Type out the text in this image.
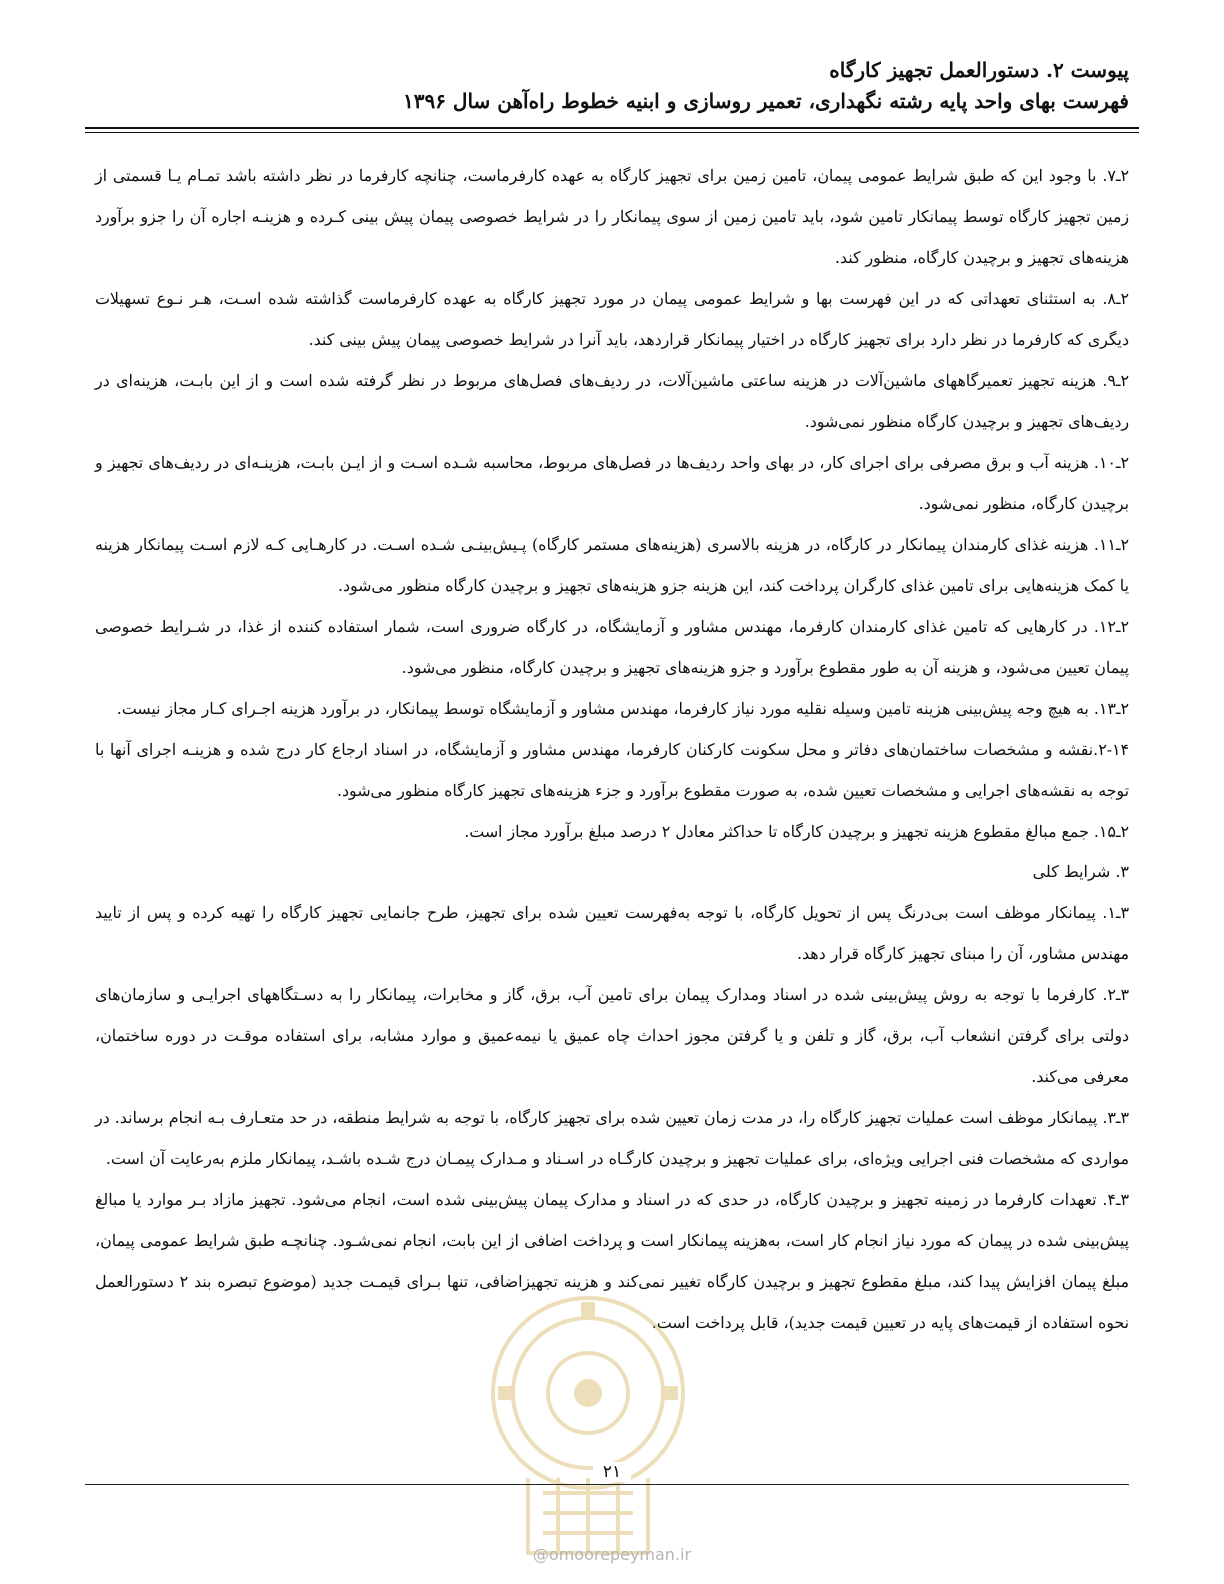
پیوست ۲. دستورالعمل تجهیز کارگاه
فهرست بهای واحد پایه رشته نگهداری، تعمیر روسازی و ابنیه خطوط راه‌آهن سال ۱۳۹۶

۲ـ۷. با وجود این که طبق شرایط عمومی پیمان، تامین زمین برای تجهیز کارگاه به عهده کارفرماست، چنانچه کارفرما در نظر داشته باشد تمـام یـا قسمتی از زمین تجهیز کارگاه توسط پیمانکار تامین شود، باید تامین زمین از سوی پیمانکار را در شرایط خصوصی پیمان پیش بینی کـرده و هزینـه اجاره آن را جزو برآورد هزینه‌های تجهیز و برچیدن کارگاه، منظور کند.

۲ـ۸. به استثنای تعهداتی که در این فهرست بها و شرایط عمومی پیمان در مورد تجهیز کارگاه به عهده کارفرماست گذاشته شده اسـت، هـر نـوع تسهیلات دیگری که کارفرما در نظر دارد برای تجهیز کارگاه در اختیار پیمانکار قراردهد، باید آنرا در شرایط خصوصی پیمان پیش بینی کند.

۲ـ۹. هزینه تجهیز تعمیرگاههای ماشین‌آلات در هزینه ساعتی ماشین‌آلات، در ردیف‌های فصل‌های مربوط در نظر گرفته شده است و از این بابـت، هزینه‌ای در ردیف‌های تجهیز و برچیدن کارگاه منظور نمی‌شود.

۲ـ۱۰. هزینه آب و برق مصرفی برای اجرای کار، در بهای واحد ردیف‌ها در فصل‌های مربوط، محاسبه شـده اسـت و از ایـن بابـت، هزینـه‌ای در ردیف‌های تجهیز و برچیدن کارگاه، منظور نمی‌شود.

۲ـ۱۱. هزینه غذای کارمندان پیمانکار در کارگاه، در هزینه بالاسری (هزینه‌های مستمر کارگاه) پـیش‌بینـی شـده اسـت. در کارهـایی کـه لازم اسـت پیمانکار هزینه یا کمک هزینه‌هایی برای تامین غذای کارگران پرداخت کند، این هزینه جزو هزینه‌های تجهیز و برچیدن کارگاه منظور می‌شود.

۲ـ۱۲. در کارهایی که تامین غذای کارمندان کارفرما، مهندس مشاور و آزمایشگاه، در کارگاه ضروری است، شمار استفاده کننده از غذا، در شـرایط خصوصی پیمان تعیین می‌شود، و هزینه آن به طور مقطوع برآورد و جزو هزینه‌های تجهیز و برچیدن کارگاه، منظور می‌شود.

۲ـ۱۳. به هیچ وجه پیش‌بینی هزینه تامین وسیله نقلیه مورد نیاز کارفرما، مهندس مشاور و آزمایشگاه توسط پیمانکار، در برآورد هزینه اجـرای کـار مجاز نیست.

۲-۱۴.نقشه و مشخصات ساختمان‌های دفاتر و محل سکونت کارکنان کارفرما، مهندس مشاور و آزمایشگاه، در اسناد ارجاع کار درج شده و هزینـه اجرای آنها با توجه به نقشه‌های اجرایی و مشخصات تعیین شده، به صورت مقطوع برآورد و جزء هزینه‌های تجهیز کارگاه منظور می‌شود.

۲ـ۱۵. جمع مبالغ مقطوع هزینه تجهیز و برچیدن کارگاه تا حداکثر معادل ۲ درصد مبلغ برآورد مجاز است.

۳. شرایط کلی

۳ـ۱. پیمانکار موظف است بی‌درنگ پس از تحویل کارگاه، با توجه به‌فهرست تعیین شده برای تجهیز، طرح جانمایی تجهیز کارگاه را تهیه کرده و پس از تایید مهندس مشاور، آن را مبنای تجهیز کارگاه قرار دهد.

۳ـ۲. کارفرما با توجه به روش پیش‌بینی شده در اسناد ومدارک پیمان برای تامین آب، برق، گاز و مخابرات، پیمانکار را به دسـتگاههای اجرایـی و سازمان‌های دولتی برای گرفتن انشعاب آب، برق، گاز و تلفن و یا گرفتن مجوز احداث چاه عمیق یا نیمه‌عمیق و موارد مشابه، برای استفاده موقـت در دوره ساختمان، معرفی می‌کند.

۳ـ۳. پیمانکار موظف است عملیات تجهیز کارگاه را، در مدت زمان تعیین شده برای تجهیز کارگاه، با توجه به شرایط منطقه، در حد متعـارف بـه انجام برساند. در مواردی که مشخصات فنی اجرایی ویژه‌ای، برای عملیات تجهیز و برچیدن کارگـاه در اسـناد و مـدارک پیمـان درج شـده باشـد، پیمانکار ملزم به‌رعایت آن است.

۳ـ۴. تعهدات کارفرما در زمینه تجهیز و برچیدن کارگاه، در حدی که در اسناد و مدارک پیمان پیش‌بینی شده است، انجام می‌شود. تجهیز مازاد بـر موارد یا مبالغ پیش‌بینی شده در پیمان که مورد نیاز انجام کار است، به‌هزینه پیمانکار است و پرداخت اضافی از این بابت، انجام نمی‌شـود. چنانچـه طبق شرایط عمومی پیمان، مبلغ پیمان افزایش پیدا کند، مبلغ مقطوع تجهیز و برچیدن کارگاه تغییر نمی‌کند و هزینه تجهیزاضافی، تنها بـرای قیمـت جدید (موضوع تبصره بند ۲ دستورالعمل نحوه استفاده از قیمت‌های پایه در تعیین قیمت جدید)، قابل پرداخت است.

۲۱
@omoorepeyman.ir
